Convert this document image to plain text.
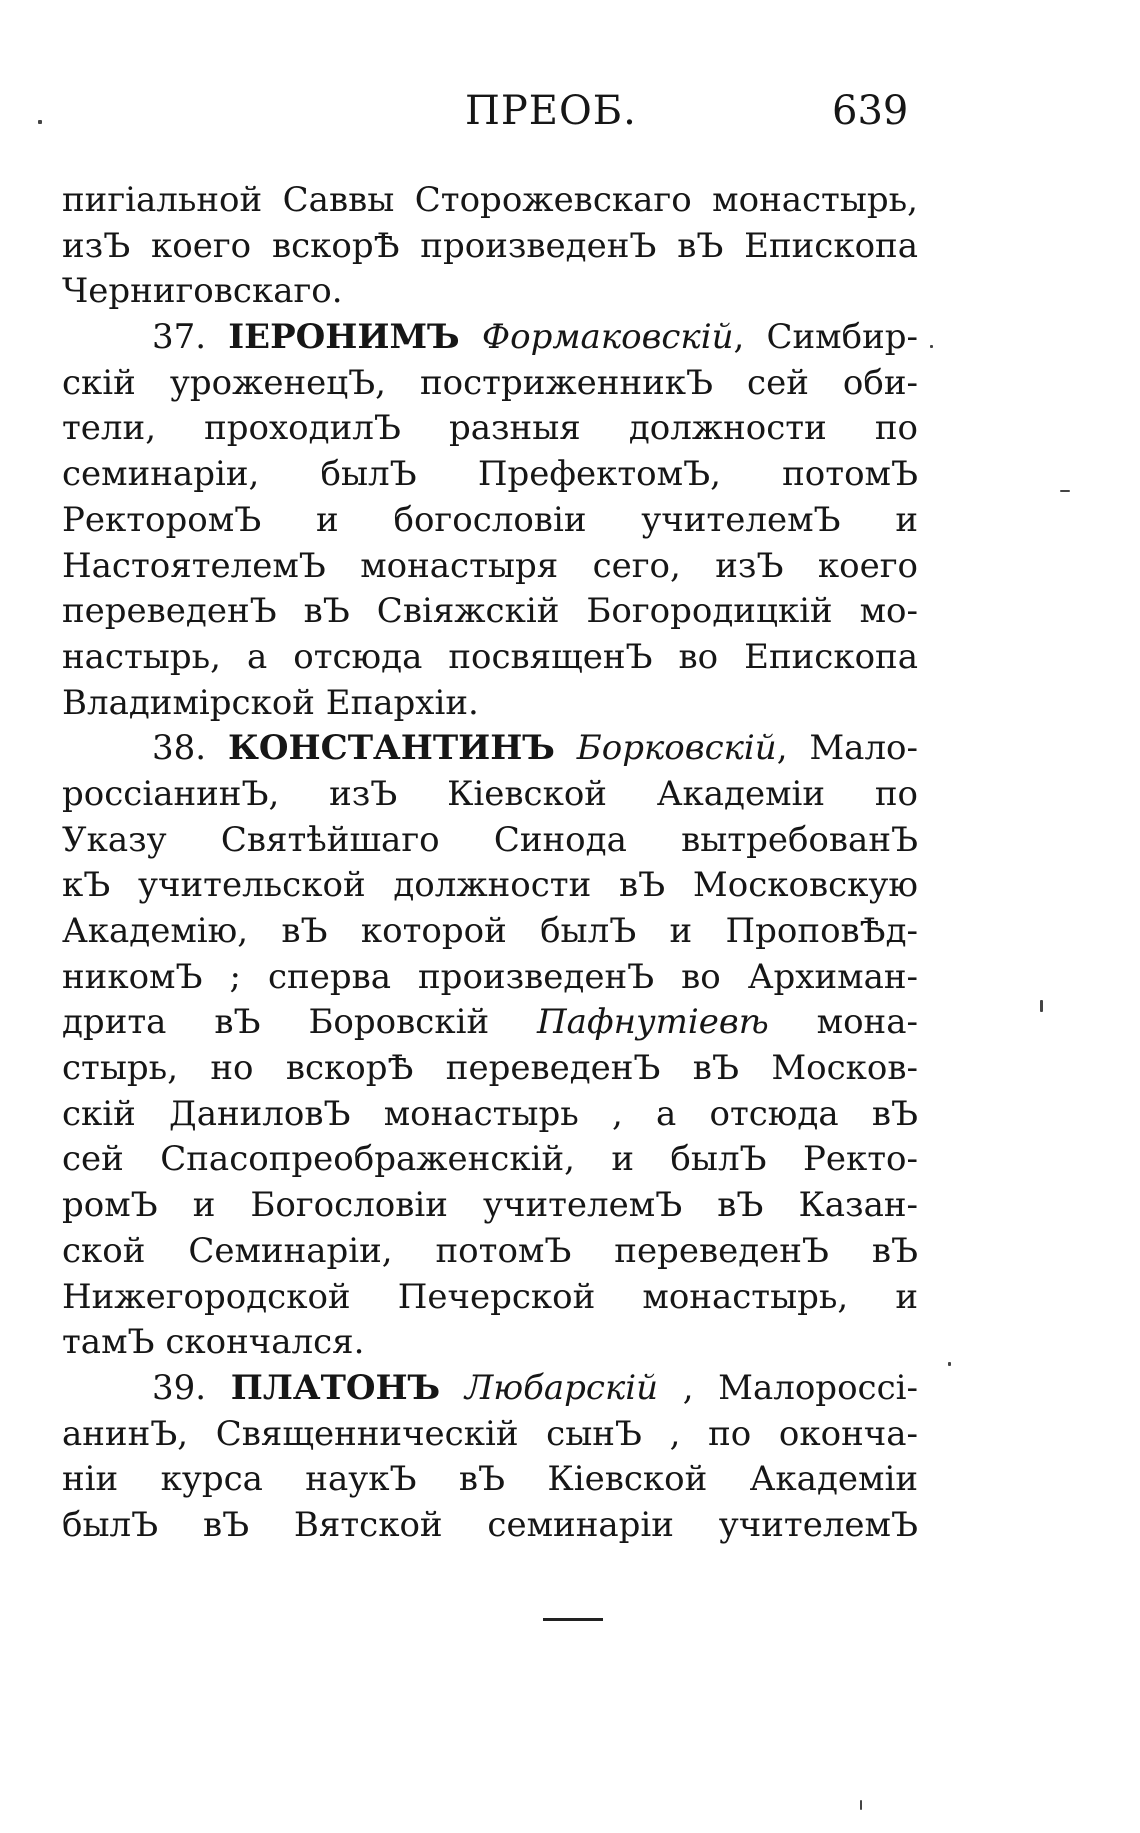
ПРЕОБ.	639
пигіальной Саввы Сторожевскаго монастырь,
изЪ коего вскорѢ произведенЪ вЪ Епископа
Черниговскаго.
37. ІЕРОНИМЪ Формаковскій, Симбир-
скій уроженецЪ, постриженникЪ сей оби-
тели, проходилЪ разныя должности по
семинаріи, былЪ ПрефектомЪ, потомЪ
РекторомЪ и богословіи учителемЪ и
НастоятелемЪ монастыря сего, изЪ коего
переведенЪ вЪ Свіяжскій Богородицкій мо-
настырь, а отсюда посвященЪ во Епископа
Владимірской Епархіи.
38. КОНСТАНТИНЪ Борковскій, Мало-
россіанинЪ, изЪ Кіевской Академіи по
Указу Святѣйшаго Синода вытребованЪ
кЪ учительской должности вЪ Московскую
Академію, вЪ которой былЪ и ПроповѢд-
никомЪ ; сперва произведенЪ во Архиман-
дрита вЪ Боровскій Пафнутіевѣ мона-
стырь, но вскорѢ переведенЪ вЪ Москов-
скій ДаниловЪ монастырь , а отсюда вЪ
сей Спасопреображенскій, и былЪ Ректо-
ромЪ и Богословіи учителемЪ вЪ Казан-
ской Семинаріи, потомЪ переведенЪ вЪ
Нижегородской Печерской монастырь, и
тамЪ скончался.
39. ПЛАТОНЪ Любарскій , Малороссі-
анинЪ, Священническій сынЪ , по оконча-
ніи курса наукЪ вЪ Кіевской Академіи
былЪ вЪ Вятской семинаріи учителемЪ
